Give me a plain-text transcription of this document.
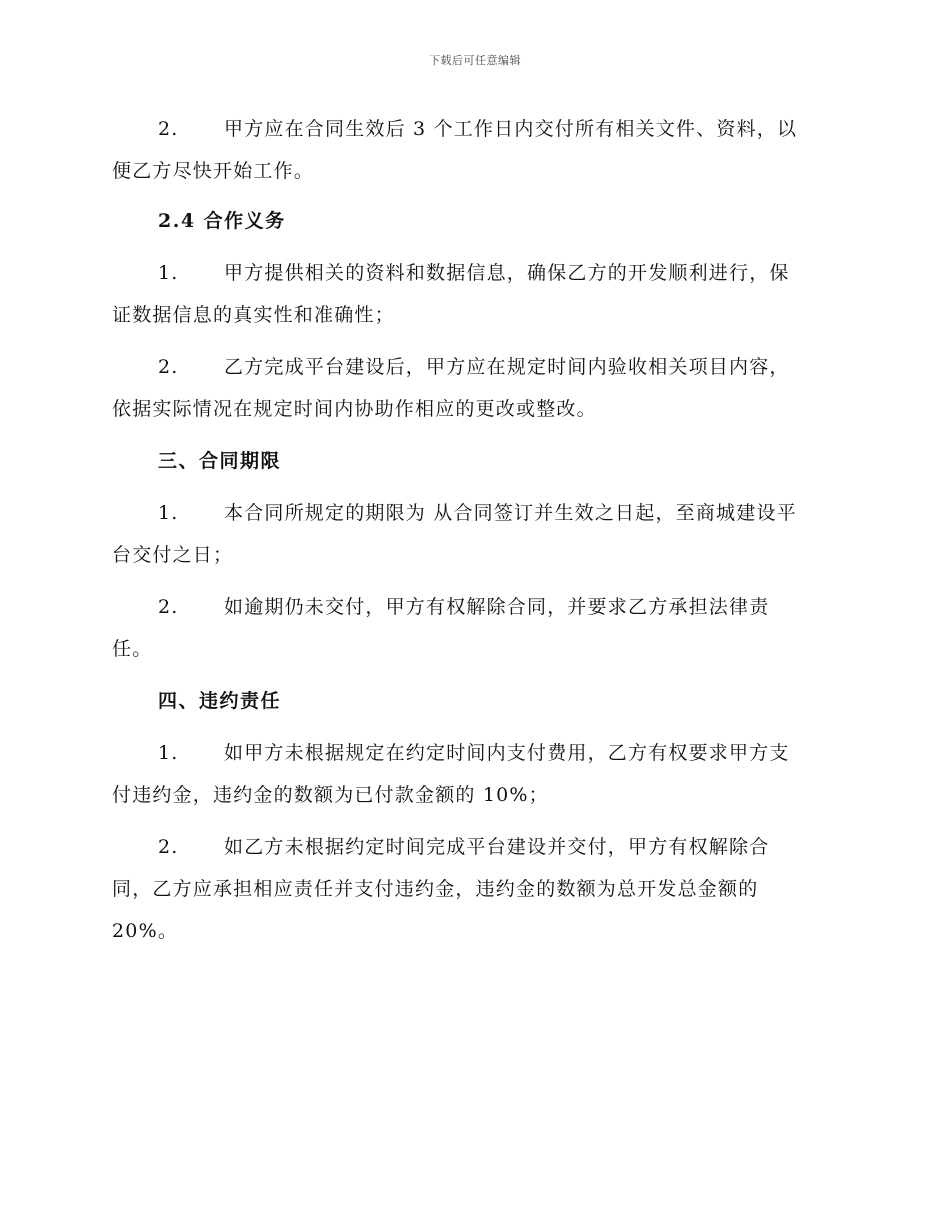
下载后可任意编辑
2. 甲方应在合同生效后 3 个工作日内交付所有相关文件、资料，以
便乙方尽快开始工作。
2.4 合作义务
1. 甲方提供相关的资料和数据信息，确保乙方的开发顺利进行，保
证数据信息的真实性和准确性；
2. 乙方完成平台建设后，甲方应在规定时间内验收相关项目内容，
依据实际情况在规定时间内协助作相应的更改或整改。
三、合同期限
1. 本合同所规定的期限为 从合同签订并生效之日起，至商城建设平
台交付之日；
2. 如逾期仍未交付，甲方有权解除合同，并要求乙方承担法律责
任。
四、违约责任
1. 如甲方未根据规定在约定时间内支付费用，乙方有权要求甲方支
付违约金，违约金的数额为已付款金额的 10%；
2. 如乙方未根据约定时间完成平台建设并交付，甲方有权解除合
同，乙方应承担相应责任并支付违约金，违约金的数额为总开发总金额的
20%。
